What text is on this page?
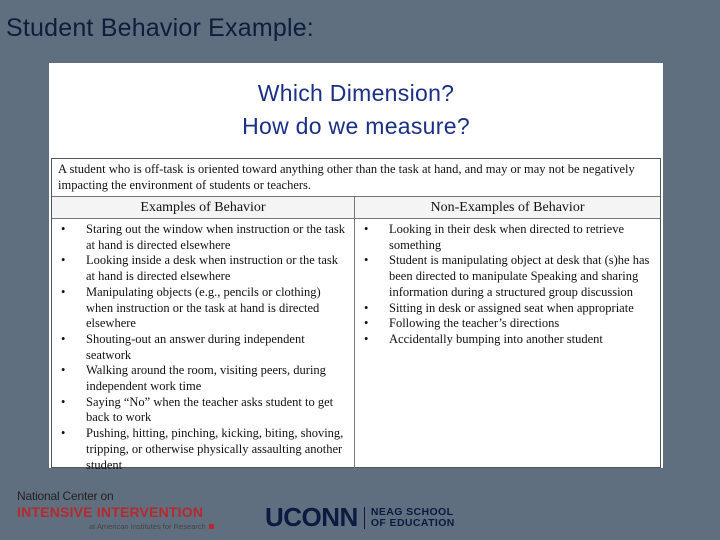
Student Behavior Example:
Which Dimension?
How do we measure?
A student who is off-task is oriented toward anything other than the task at hand, and may or may not be negatively impacting the environment of students or teachers.
Examples of Behavior	Non-Examples of Behavior
• Staring out the window when instruction or the task at hand is directed elsewhere
• Looking inside a desk when instruction or the task at hand is directed elsewhere
• Manipulating objects (e.g., pencils or clothing) when instruction or the task at hand is directed elsewhere
• Shouting-out an answer during independent seatwork
• Walking around the room, visiting peers, during independent work time
• Saying “No” when the teacher asks student to get back to work
• Pushing, hitting, pinching, kicking, biting, shoving, tripping, or otherwise physically assaulting another student
• Looking in their desk when directed to retrieve something
• Student is manipulating object at desk that (s)he has been directed to manipulate Speaking and sharing information during a structured group discussion
• Sitting in desk or assigned seat when appropriate
• Following the teacher’s directions
• Accidentally bumping into another student
National Center on
INTENSIVE INTERVENTION
at American Institutes for Research	UCONN NEAG SCHOOL
OF EDUCATION
